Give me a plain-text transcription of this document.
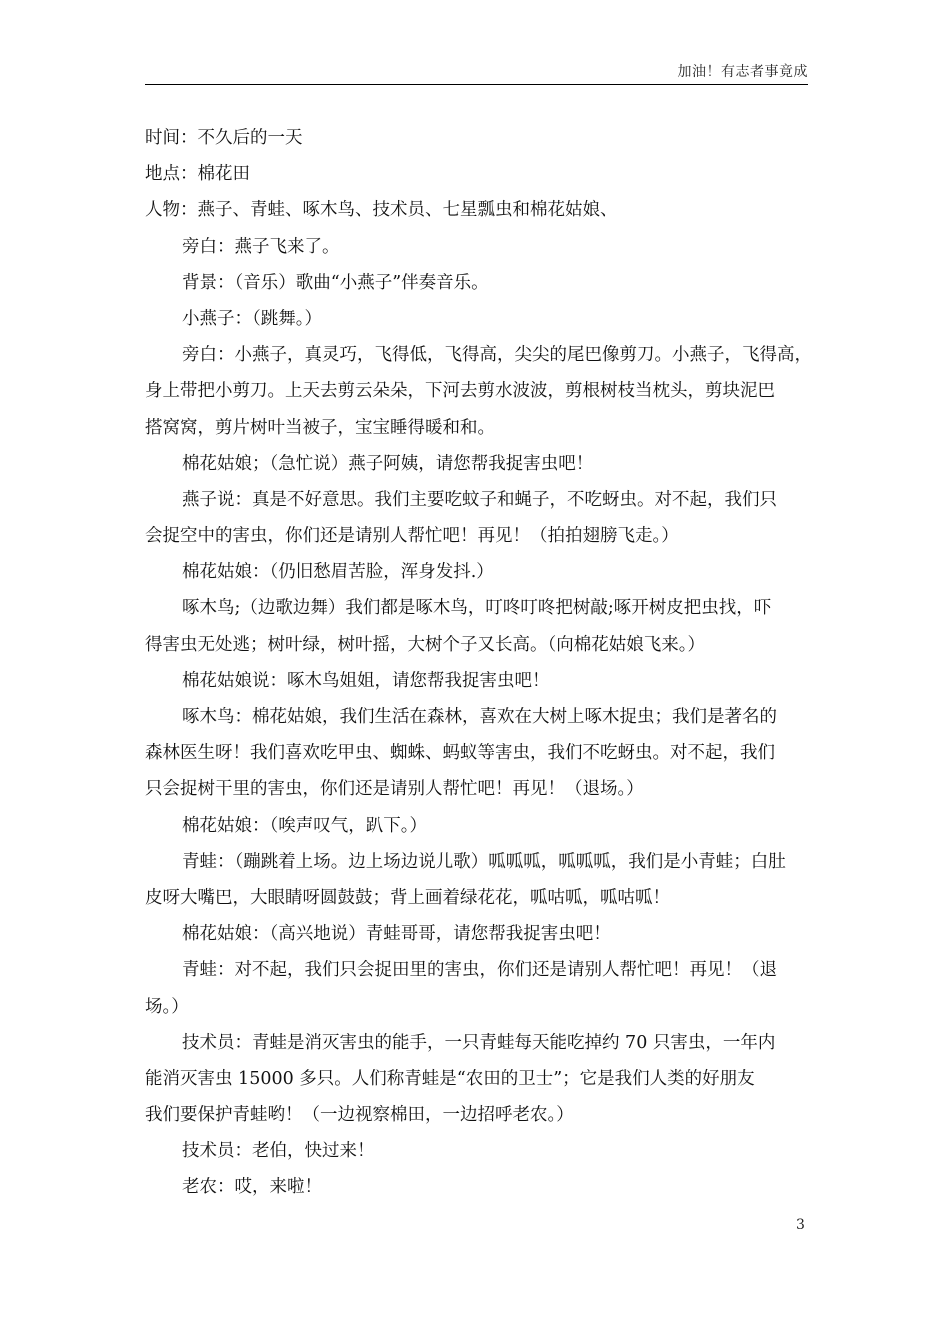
加油！有志者事竟成
时间：不久后的一天
地点：棉花田
人物：燕子、青蛙、啄木鸟、技术员、七星瓢虫和棉花姑娘、
旁白：燕子飞来了。
背景：（音乐）歌曲“小燕子”伴奏音乐。
小燕子：（跳舞。）
旁白：小燕子，真灵巧，飞得低，飞得高，尖尖的尾巴像剪刀。小燕子，飞得高，
身上带把小剪刀。上天去剪云朵朵，下河去剪水波波，剪根树枝当枕头，剪块泥巴
搭窝窝，剪片树叶当被子，宝宝睡得暖和和。
棉花姑娘；（急忙说）燕子阿姨，请您帮我捉害虫吧！
燕子说：真是不好意思。我们主要吃蚊子和蝇子，不吃蚜虫。对不起，我们只
会捉空中的害虫，你们还是请别人帮忙吧！再见！（拍拍翅膀飞走。）
棉花姑娘：（仍旧愁眉苦脸，浑身发抖.）
啄木鸟;（边歌边舞）我们都是啄木鸟，叮咚叮咚把树敲;啄开树皮把虫找，吓
得害虫无处逃；树叶绿，树叶摇，大树个子又长高。（向棉花姑娘飞来。）
棉花姑娘说：啄木鸟姐姐，请您帮我捉害虫吧！
啄木鸟：棉花姑娘，我们生活在森林，喜欢在大树上啄木捉虫；我们是著名的
森林医生呀！我们喜欢吃甲虫、蜘蛛、蚂蚁等害虫，我们不吃蚜虫。对不起，我们
只会捉树干里的害虫，你们还是请别人帮忙吧！再见！（退场。）
棉花姑娘：（唉声叹气，趴下。）
青蛙：（蹦跳着上场。边上场边说儿歌）呱呱呱，呱呱呱，我们是小青蛙；白肚
皮呀大嘴巴，大眼睛呀圆鼓鼓；背上画着绿花花，呱咕呱，呱咕呱！
棉花姑娘：（高兴地说）青蛙哥哥，请您帮我捉害虫吧！
青蛙：对不起，我们只会捉田里的害虫，你们还是请别人帮忙吧！再见！（退
场。）
技术员：青蛙是消灭害虫的能手，一只青蛙每天能吃掉约 70 只害虫，一年内
能消灭害虫 15000 多只。人们称青蛙是“农田的卫士”；它是我们人类的好朋友
我们要保护青蛙哟！（一边视察棉田，一边招呼老农。）
技术员：老伯，快过来！
老农：哎，来啦！
3
